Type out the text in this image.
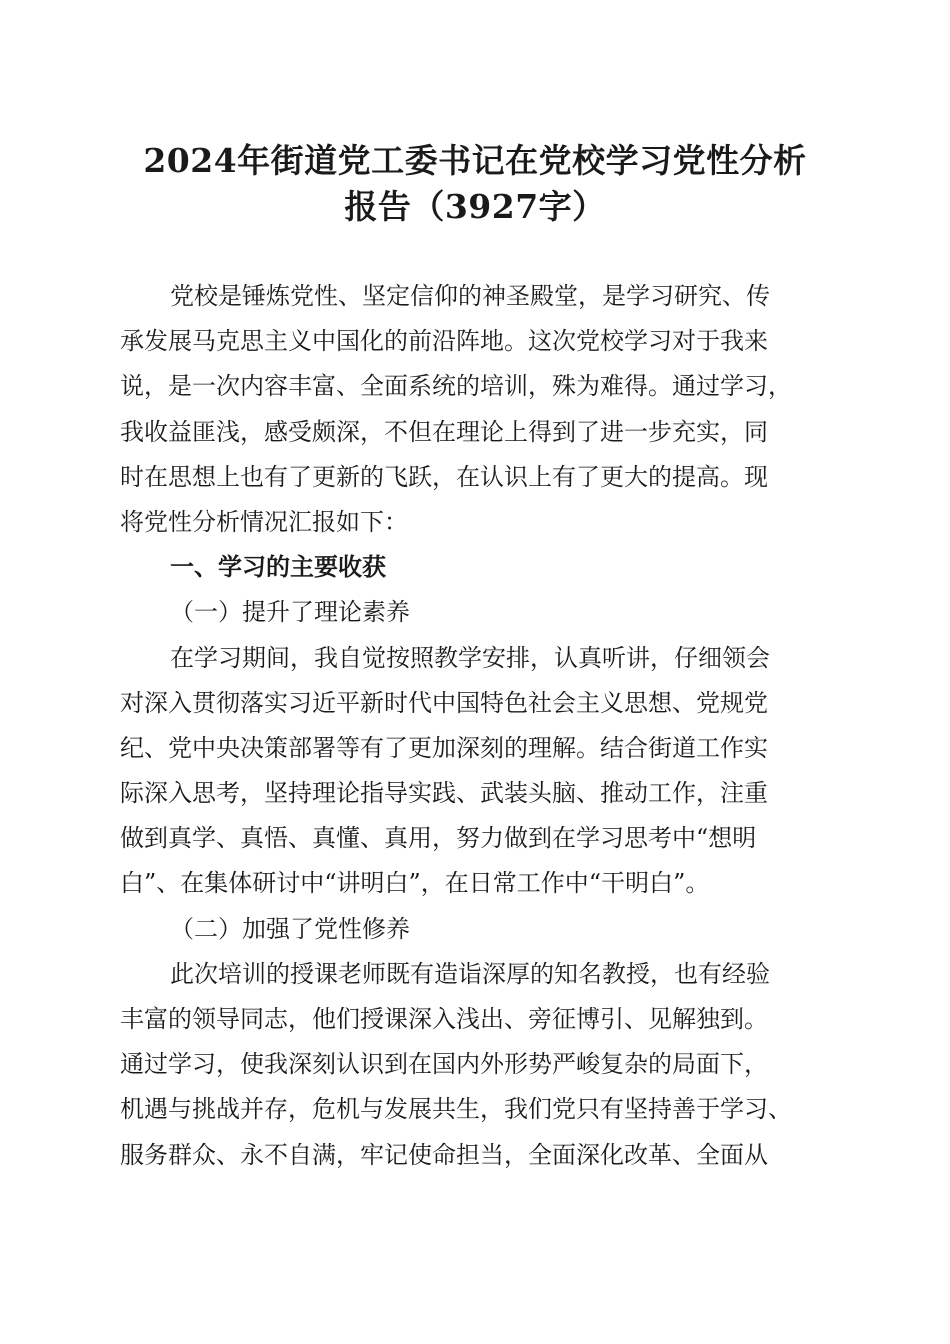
2024年街道党工委书记在党校学习党性分析
报告（3927字）
党校是锤炼党性、坚定信仰的神圣殿堂，是学习研究、传
承发展马克思主义中国化的前沿阵地。这次党校学习对于我来
说，是一次内容丰富、全面系统的培训，殊为难得。通过学习，
我收益匪浅，感受颇深，不但在理论上得到了进一步充实，同
时在思想上也有了更新的飞跃，在认识上有了更大的提高。现
将党性分析情况汇报如下：
一、学习的主要收获
（一）提升了理论素养
在学习期间，我自觉按照教学安排，认真听讲，仔细领会
对深入贯彻落实习近平新时代中国特色社会主义思想、党规党
纪、党中央决策部署等有了更加深刻的理解。结合街道工作实
际深入思考，坚持理论指导实践、武装头脑、推动工作，注重
做到真学、真悟、真懂、真用，努力做到在学习思考中“想明
白”、在集体研讨中“讲明白”，在日常工作中“干明白”。
（二）加强了党性修养
此次培训的授课老师既有造诣深厚的知名教授，也有经验
丰富的领导同志，他们授课深入浅出、旁征博引、见解独到。
通过学习，使我深刻认识到在国内外形势严峻复杂的局面下，
机遇与挑战并存，危机与发展共生，我们党只有坚持善于学习、
服务群众、永不自满，牢记使命担当，全面深化改革、全面从
